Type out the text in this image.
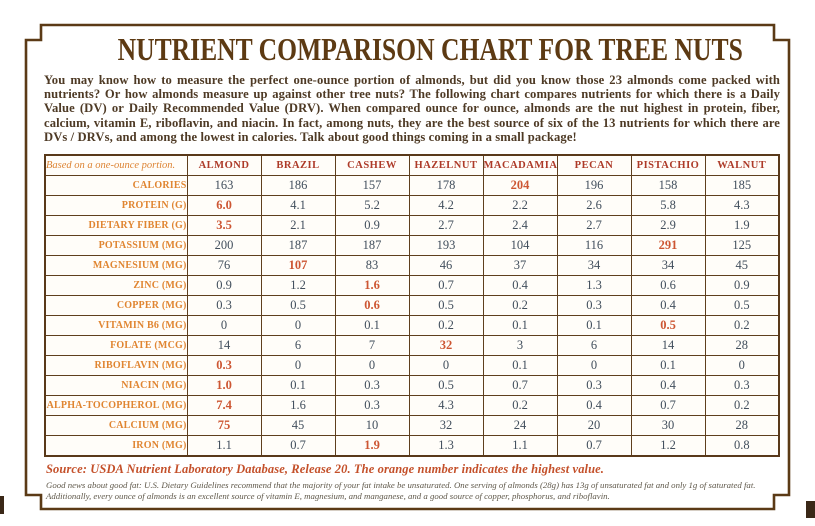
NUTRIENT COMPARISON CHART FOR TREE NUTS

You may know how to measure the perfect one-ounce portion of almonds, but did you know those 23 almonds come packed with nutrients? Or how almonds measure up against other tree nuts? The following chart compares nutrients for which there is a Daily Value (DV) or Daily Recommended Value (DRV). When compared ounce for ounce, almonds are the nut highest in protein, fiber, calcium, vitamin E, riboflavin, and niacin. In fact, among nuts, they are the best source of six of the 13 nutrients for which there are DVs / DRVs, and among the lowest in calories. Talk about good things coming in a small package!

Based on a one-ounce portion.	ALMOND	BRAZIL	CASHEW	HAZELNUT	MACADAMIA	PECAN	PISTACHIO	WALNUT
CALORIES	163	186	157	178	204	196	158	185
PROTEIN (G)	6.0	4.1	5.2	4.2	2.2	2.6	5.8	4.3
DIETARY FIBER (G)	3.5	2.1	0.9	2.7	2.4	2.7	2.9	1.9
POTASSIUM (MG)	200	187	187	193	104	116	291	125
MAGNESIUM (MG)	76	107	83	46	37	34	34	45
ZINC (MG)	0.9	1.2	1.6	0.7	0.4	1.3	0.6	0.9
COPPER (MG)	0.3	0.5	0.6	0.5	0.2	0.3	0.4	0.5
VITAMIN B6 (MG)	0	0	0.1	0.2	0.1	0.1	0.5	0.2
FOLATE (MCG)	14	6	7	32	3	6	14	28
RIBOFLAVIN (MG)	0.3	0	0	0	0.1	0	0.1	0
NIACIN (MG)	1.0	0.1	0.3	0.5	0.7	0.3	0.4	0.3
ALPHA-TOCOPHEROL (MG)	7.4	1.6	0.3	4.3	0.2	0.4	0.7	0.2
CALCIUM (MG)	75	45	10	32	24	20	30	28
IRON (MG)	1.1	0.7	1.9	1.3	1.1	0.7	1.2	0.8

Source: USDA Nutrient Laboratory Database, Release 20. The orange number indicates the highest value.

Good news about good fat: U.S. Dietary Guidelines recommend that the majority of your fat intake be unsaturated. One serving of almonds (28g) has 13g of unsaturated fat and only 1g of saturated fat.
Additionally, every ounce of almonds is an excellent source of vitamin E, magnesium, and manganese, and a good source of copper, phosphorus, and riboflavin.
